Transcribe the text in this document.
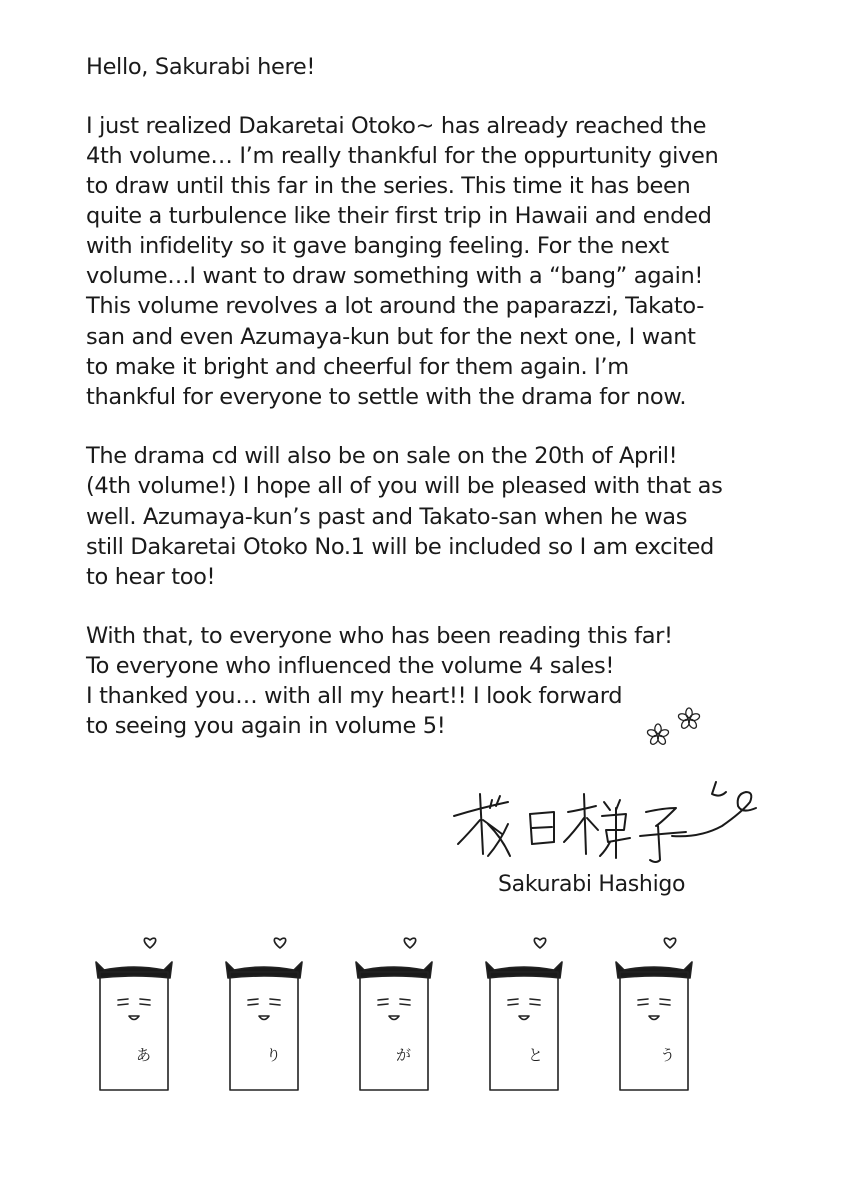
Hello, Sakurabi here!
I just realized Dakaretai Otoko~ has already reached the
4th volume… I’m really thankful for the oppurtunity given
to draw until this far in the series. This time it has been
quite a turbulence like their first trip in Hawaii and ended
with infidelity so it gave banging feeling. For the next
volume…I want to draw something with a “bang” again!
This volume revolves a lot around the paparazzi, Takato-
san and even Azumaya-kun but for the next one, I want
to make it bright and cheerful for them again. I’m
thankful for everyone to settle with the drama for now.
The drama cd will also be on sale on the 20th of April!
(4th volume!) I hope all of you will be pleased with that as
well. Azumaya-kun’s past and Takato-san when he was
still Dakaretai Otoko No.1 will be included so I am excited
to hear too!
With that, to everyone who has been reading this far!
To everyone who influenced the volume 4 sales!
I thanked you… with all my heart!! I look forward
to seeing you again in volume 5!
Sakurabi Hashigo
あ	り	が	と	う
